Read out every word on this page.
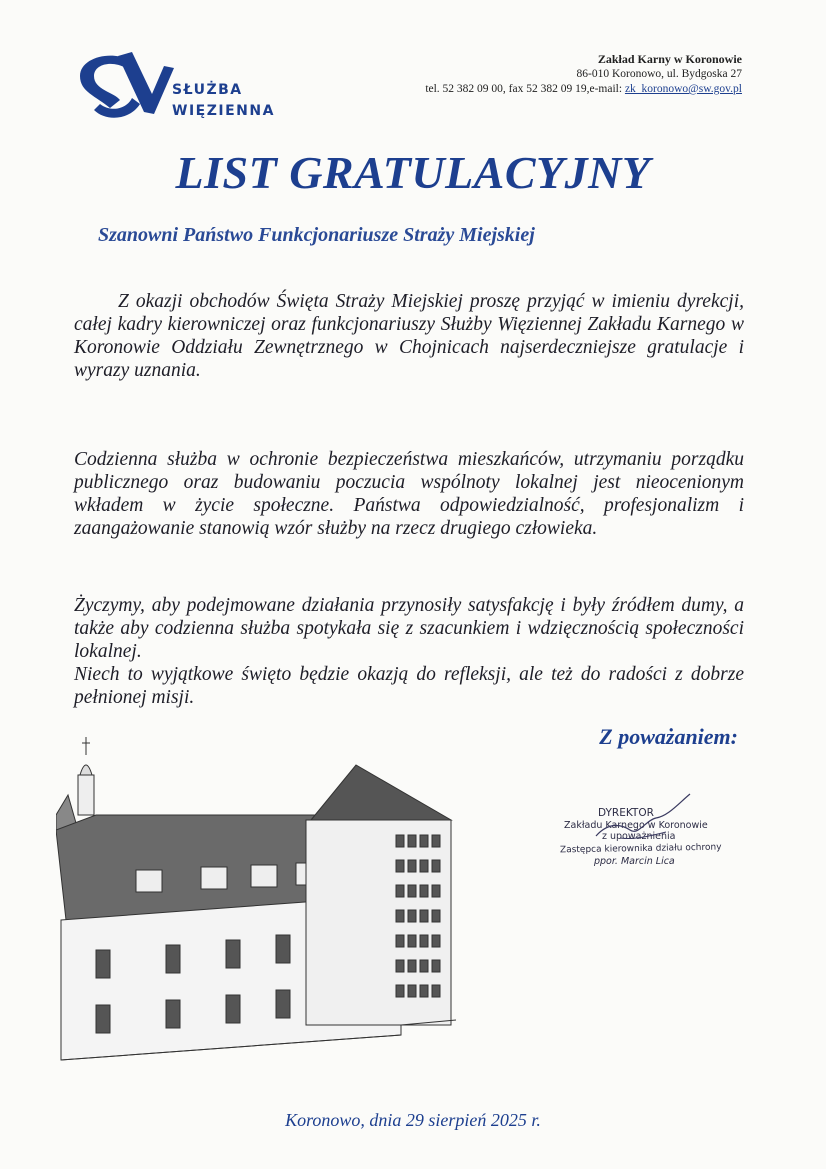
SŁUŻBA
WIĘZIENNA
Zakład Karny w Koronowie
86-010 Koronowo, ul. Bydgoska 27
tel. 52 382 09 00, fax 52 382 09 19,e-mail: zk_koronowo@sw.gov.pl
LIST GRATULACYJNY
Szanowni Państwo Funkcjonariusze Straży Miejskiej
Z okazji obchodów Święta Straży Miejskiej proszę przyjąć w imieniu dyrekcji, całej kadry kierowniczej oraz funkcjonariuszy Służby Więziennej Zakładu Karnego w Koronowie Oddziału Zewnętrznego w Chojnicach najserdeczniejsze gratulacje i wyrazy uznania.
Codzienna służba w ochronie bezpieczeństwa mieszkańców, utrzymaniu porządku publicznego oraz budowaniu poczucia wspólnoty lokalnej jest nieocenionym wkładem w życie społeczne. Państwa odpowiedzialność, profesjonalizm i zaangażowanie stanowią wzór służby na rzecz drugiego człowieka.
Życzymy, aby podejmowane działania przynosiły satysfakcję i były źródłem dumy, a także aby codzienna służba spotykała się z szacunkiem i wdzięcznością społeczności lokalnej.
Niech to wyjątkowe święto będzie okazją do refleksji, ale też do radości z dobrze pełnionej misji.
Z poważaniem:
DYREKTOR
Zakładu Karnego w Koronowie
z upoważnienia
Zastępca kierownika działu ochrony
ppor. Marcin Lica
Koronowo, dnia 29 sierpień 2025 r.
